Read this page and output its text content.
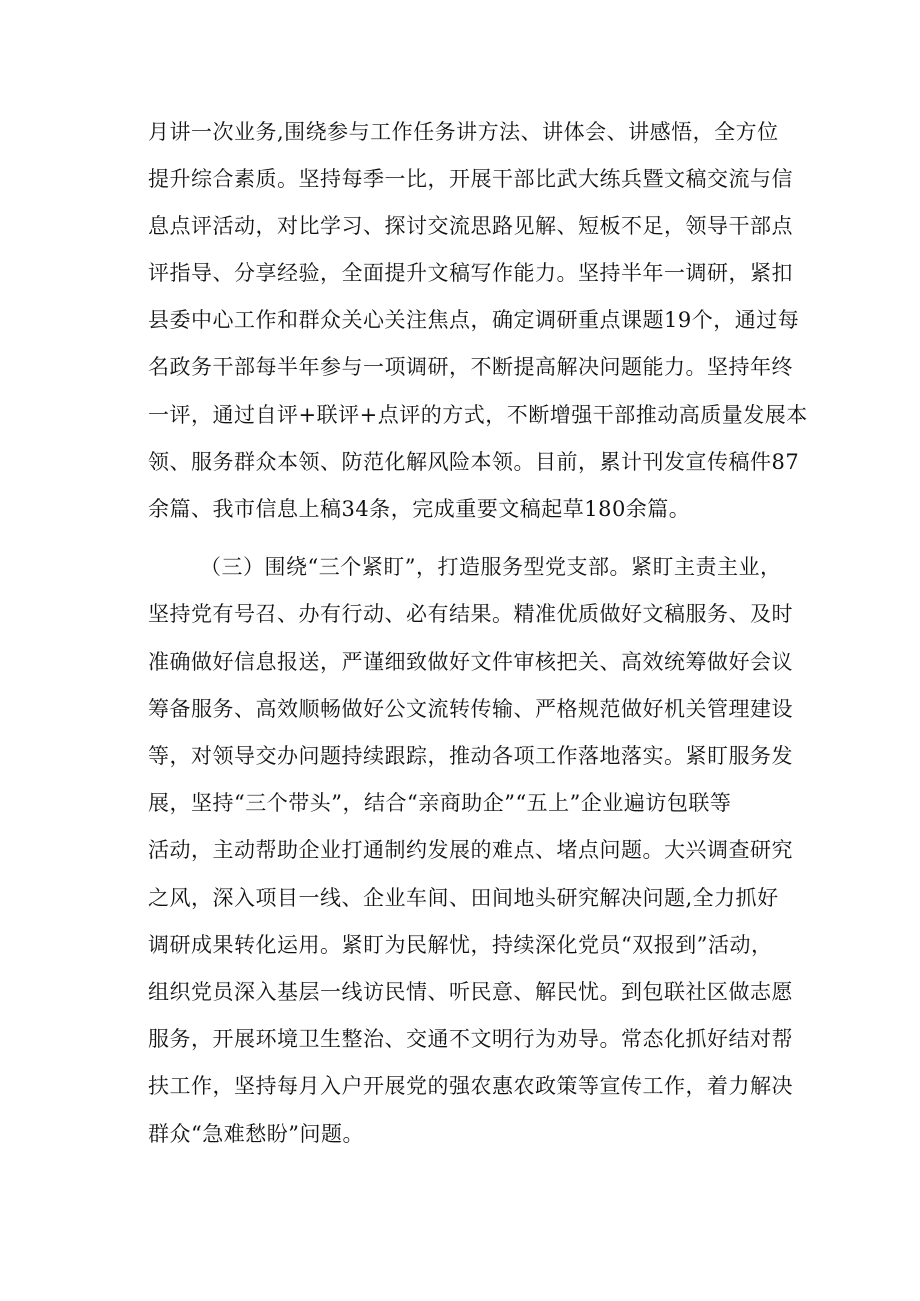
月讲一次业务,围绕参与工作任务讲方法、讲体会、讲感悟，全方位
提升综合素质。坚持每季一比，开展干部比武大练兵暨文稿交流与信
息点评活动，对比学习、探讨交流思路见解、短板不足，领导干部点
评指导、分享经验，全面提升文稿写作能力。坚持半年一调研，紧扣
县委中心工作和群众关心关注焦点，确定调研重点课题19个，通过每
名政务干部每半年参与一项调研，不断提高解决问题能力。坚持年终
一评，通过自评+联评+点评的方式，不断增强干部推动高质量发展本
领、服务群众本领、防范化解风险本领。目前，累计刊发宣传稿件87
余篇、我市信息上稿34条，完成重要文稿起草180余篇。
（三）围绕“三个紧盯”，打造服务型党支部。紧盯主责主业，
坚持党有号召、办有行动、必有结果。精准优质做好文稿服务、及时
准确做好信息报送，严谨细致做好文件审核把关、高效统筹做好会议
筹备服务、高效顺畅做好公文流转传输、严格规范做好机关管理建设
等，对领导交办问题持续跟踪，推动各项工作落地落实。紧盯服务发
展，坚持“三个带头”，结合“亲商助企”“五上”企业遍访包联等
活动，主动帮助企业打通制约发展的难点、堵点问题。大兴调查研究
之风，深入项目一线、企业车间、田间地头研究解决问题,全力抓好
调研成果转化运用。紧盯为民解忧，持续深化党员“双报到”活动，
组织党员深入基层一线访民情、听民意、解民忧。到包联社区做志愿
服务，开展环境卫生整治、交通不文明行为劝导。常态化抓好结对帮
扶工作，坚持每月入户开展党的强农惠农政策等宣传工作，着力解决
群众“急难愁盼”问题。
